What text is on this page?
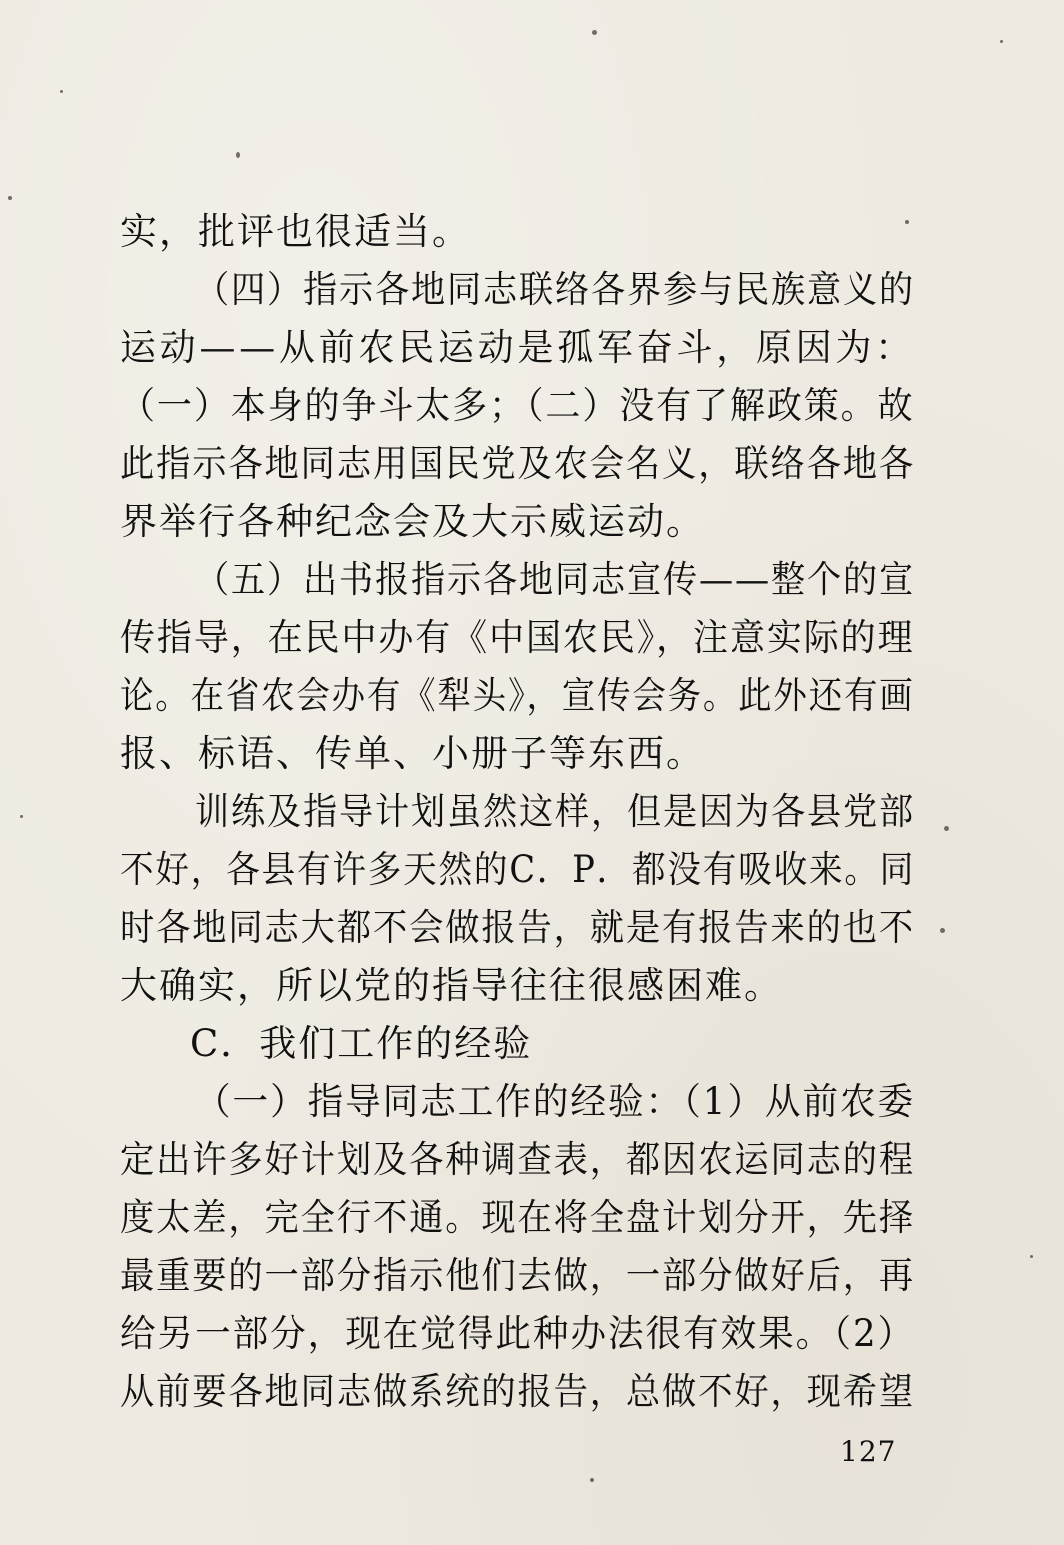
实，批评也很适当。
（四）指示各地同志联络各界参与民族意义的
运动——从前农民运动是孤军奋斗，原因为：
（一）本身的争斗太多；（二）没有了解政策。故
此指示各地同志用国民党及农会名义，联络各地各
界举行各种纪念会及大示威运动。
（五）出书报指示各地同志宣传——整个的宣
传指导，在民中办有《中国农民》，注意实际的理
论。在省农会办有《犁头》，宣传会务。此外还有画
报、标语、传单、小册子等东西。
训练及指导计划虽然这样，但是因为各县党部
不好，各县有许多天然的C．P．都没有吸收来。同
时各地同志大都不会做报告，就是有报告来的也不
大确实，所以党的指导往往很感困难。
C．我们工作的经验
（一）指导同志工作的经验：（1）从前农委
定出许多好计划及各种调查表，都因农运同志的程
度太差，完全行不通。现在将全盘计划分开，先择
最重要的一部分指示他们去做，一部分做好后，再
给另一部分，现在觉得此种办法很有效果。（2）
从前要各地同志做系统的报告，总做不好，现希望
127
